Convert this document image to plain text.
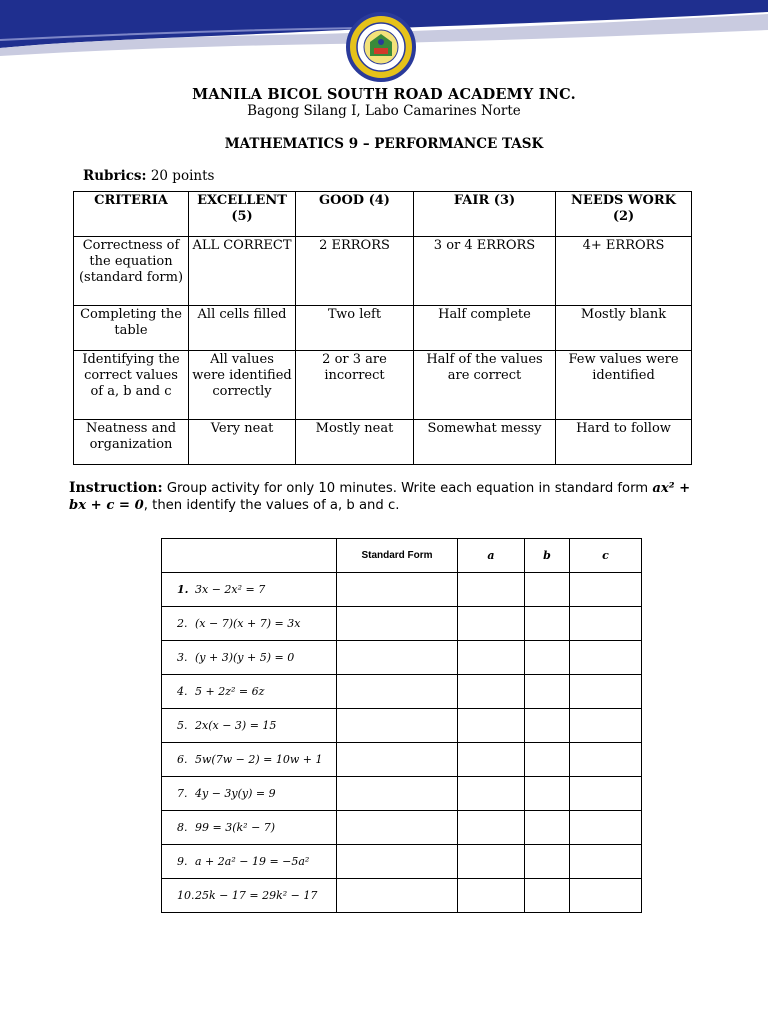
MANILA BICOL SOUTH ROAD ACADEMY INC.
Bagong Silang I, Labo Camarines Norte
MATHEMATICS 9 – PERFORMANCE TASK
Rubrics: 20 points
CRITERIA	EXCELLENT (5)	GOOD (4)	FAIR (3)	NEEDS WORK (2)
Correctness of the equation (standard form)	ALL CORRECT	2 ERRORS	3 or 4 ERRORS	4+ ERRORS
Completing the table	All cells filled	Two left	Half complete	Mostly blank
Identifying the correct values of a, b and c	All values were identified correctly	2 or 3 are incorrect	Half of the values are correct	Few values were identified
Neatness and organization	Very neat	Mostly neat	Somewhat messy	Hard to follow
Instruction: Group activity for only 10 minutes. Write each equation in standard form ax² + bx + c = 0, then identify the values of a, b and c.
	Standard Form	a	b	c
1. 3x − 2x² = 7				
2. (x − 7)(x + 7) = 3x				
3. (y + 3)(y + 5) = 0				
4. 5 + 2z² = 6z				
5. 2x(x − 3) = 15				
6. 5w(7w − 2) = 10w + 1				
7. 4y − 3y(y) = 9				
8. 99 = 3(k² − 7)				
9. a + 2a² − 19 = −5a²				
10.25k − 17 = 29k² − 17				
